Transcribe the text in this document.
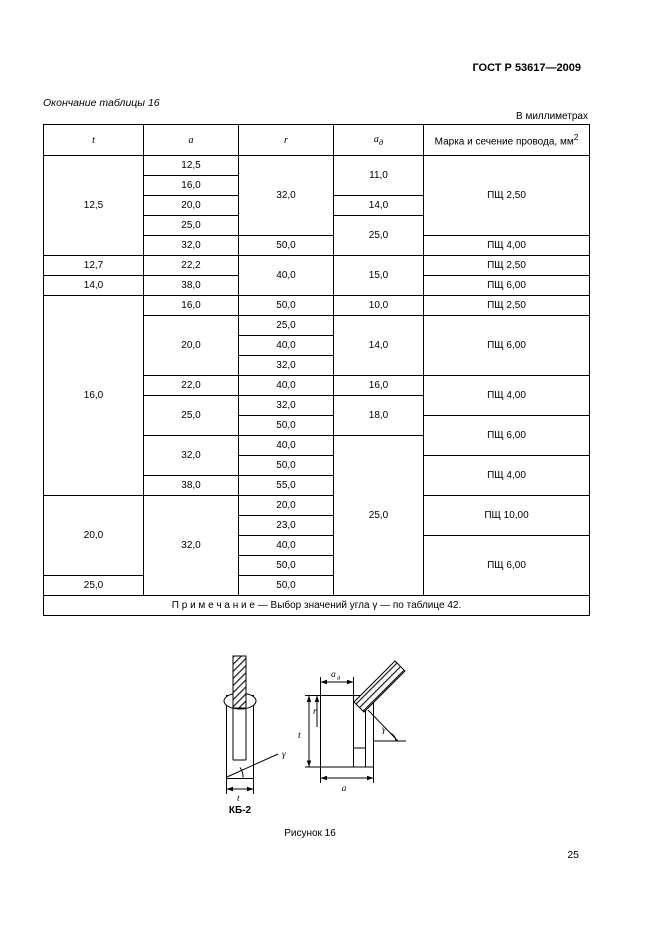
ГОСТ Р 53617—2009
Окончание таблицы 16
В миллиметрах
t	a	r	$a_д$	Марка и сечение провода, $мм^2$
12,5	12,5	32,0	11,0	ПЩ 2,50
	16,0			
	20,0		14,0	
	25,0		25,0	
	32,0	50,0		ПЩ 4,00
12,7	22,2	40,0	15,0	ПЩ 2,50
14,0	38,0			ПЩ 6,00
16,0	16,0	50,0	10,0	ПЩ 2,50
	20,0	25,0	14,0	ПЩ 6,00
		40,0		
		32,0		
	22,0	40,0	16,0	ПЩ 4,00
	25,0	32,0	18,0	
		50,0		ПЩ 6,00
	32,0	40,0	25,0	
		50,0		ПЩ 4,00
	38,0	55,0		
20,0	32,0	20,0		ПЩ 10,00
		23,0		
		40,0		ПЩ 6,00
		50,0		
25,0		50,0		
П р и м е ч а н и е — Выбор значений угла γ — по таблице 42.				
γ
t
КБ-2
a д
r
t
γ
a
Рисунок 16
25
